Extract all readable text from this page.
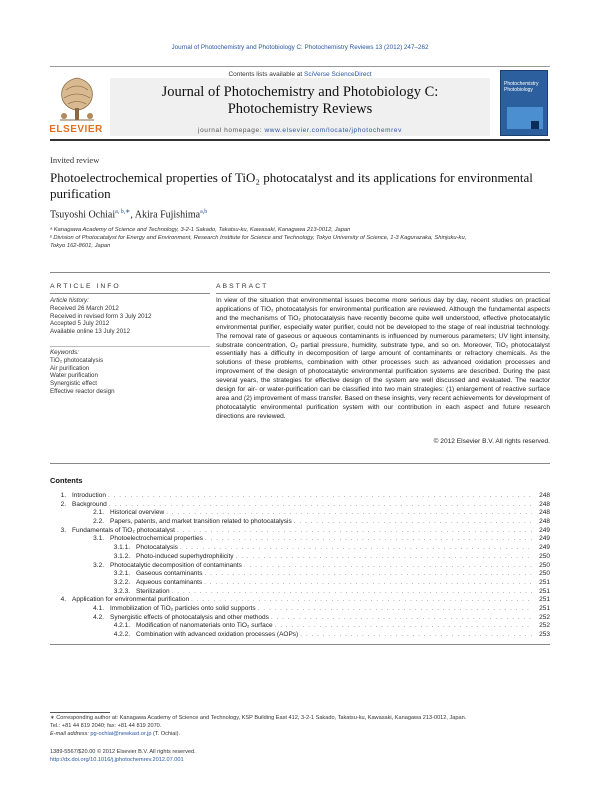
Journal of Photochemistry and Photobiology C: Photochemistry Reviews 13 (2012) 247–262
ELSEVIER
Contents lists available at SciVerse ScienceDirect
Journal of Photochemistry and Photobiology C:
Photochemistry Reviews
journal homepage: www.elsevier.com/locate/jphotochemrev
Photochemistry Photobiology
Invited review
Photoelectrochemical properties of TiO₂ photocatalyst and its applications for environmental purification
Tsuyoshi Ochiai$^{a, b,∗}$, Akira Fujishima$^{a,b}$
ᵃ Kanagawa Academy of Science and Technology, 3-2-1 Sakado, Takatsu-ku, Kawasaki, Kanagawa 213-0012, Japan
ᵇ Division of Photocatalyst for Energy and Environment, Research Institute for Science and Technology, Tokyo University of Science, 1-3 Kagurazaka, Shinjuku-ku,
Tokyo 162-8601, Japan
ARTICLE INFO	ABSTRACT
Article history:
Received 26 March 2012
Received in revised form 3 July 2012
Accepted 5 July 2012
Available online 13 July 2012
Keywords:
TiO₂ photocatalysis
Air purification
Water purification
Synergistic effect
Effective reactor design
In view of the situation that environmental issues become more serious day by day, recent studies on practical applications of TiO₂ photocatalysis for environmental purification are reviewed. Although the fundamental aspects and the mechanisms of TiO₂ photocatalysis have recently become quite well understood, effective photocatalytic environmental purifier, especially water purifier, could not be developed to the stage of real industrial technology. The removal rate of gaseous or aqueous contaminants is influenced by numerous parameters; UV light intensity, substrate concentration, O₂ partial pressure, humidity, substrate type, and so on. Moreover, TiO₂ photocatalyst essentially has a difficulty in decomposition of large amount of contaminants or refractory chemicals. As the solutions of these problems, combination with other processes such as advanced oxidation processes and improvement of the design of photocatalytic environmental purification systems are described. During the past several years, the strategies for effective design of the system are well discussed and evaluated. The reactor design for air- or water-purification can be classified into two main strategies: (1) enlargement of reactive surface area and (2) improvement of mass transfer. Based on these insights, very recent achievements for development of photocatalytic environmental purification system with our contribution in each aspect and future research directions are reviewed.
© 2012 Elsevier B.V. All rights reserved.
Contents
1. Introduction . . .	248
2. Background . . .	248
2.1. Historical overview . . .	248
2.2. Papers, patents, and market transition related to photocatalysis . . .	248
3. Fundamentals of TiO₂ photocatalyst . . .	249
3.1. Photoelectrochemical properties . . .	249
3.1.1. Photocatalysis . . .	249
3.1.2. Photo-induced superhydrophilicity . . .	250
3.2. Photocatalytic decomposition of contaminants . . .	250
3.2.1. Gaseous contaminants . . .	250
3.2.2. Aqueous contaminants . . .	251
3.2.3. Sterilization . . .	251
4. Application for environmental purification . . .	251
4.1. Immobilization of TiO₂ particles onto solid supports . . .	251
4.2. Synergistic effects of photocatalysis and other methods . . .	252
4.2.1. Modification of nanomaterials onto TiO₂ surface . . .	252
4.2.2. Combination with advanced oxidation processes (AOPs) . . .	253
∗ Corresponding author at: Kanagawa Academy of Science and Technology, KSP Building East 412, 3-2-1 Sakado, Takatsu-ku, Kawasaki, Kanagawa 213-0012, Japan.
Tel.: +81 44 819 2040; fax: +81 44 819 2070.
E-mail address: pg-ochiai@newkast.or.jp (T. Ochiai).
1389-5567/$20.00 © 2012 Elsevier B.V. All rights reserved.
http://dx.doi.org/10.1016/j.jphotochemrev.2012.07.001
